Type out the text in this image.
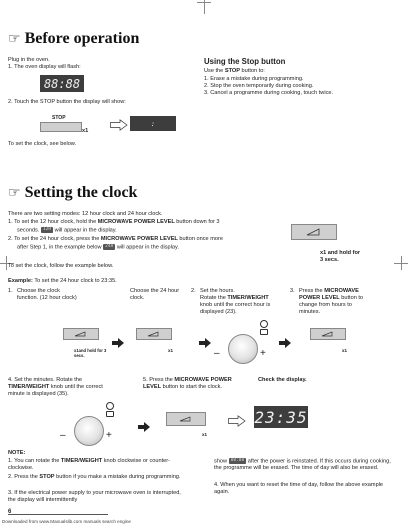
☞ Before operation
Plug in the oven.
1. The oven display will flash:
88:88
2. Touch the STOP button the display will show:
STOP
x1
:
To set the clock, see below.
Using the Stop button
Use the STOP button to:
1. Erase a mistake during programming.
2. Stop the oven temporarily during cooking.
3. Cancel a programme during cooking, touch twice.
☞ Setting the clock
There are two setting modes: 12 hour clock and 24 hour clock.
1. To set the 12 hour clock, hold the MICROWAVE POWER LEVEL button down for 3
seconds. 12H will appear in the display.
2. To set the 24 hour clock, press the MICROWAVE POWER LEVEL button once more
after Step 1, in the example below 24H will appear in the display.
To set the clock, follow the example below.
x1 and hold for 3 secs.
Example: To set the 24 hour clock to 23:35.
1. Choose the clock function. (12 hour clock)
Choose the 24 hour clock.
2. Set the hours.
Rotate the TIMER/WEIGHT knob until the correct hour is displayed (23).
3. Press the MICROWAVE POWER LEVEL button to change from hours to minutes.
x1and hold for 3 secs.
x1	–	+	x1
4. Set the minutes. Rotate the TIMER/WEIGHT knob until the correct minute is displayed (35).
5. Press the MICROWAVE POWER LEVEL button to start the clock.
Check the display.
–	+	x1
23:35
NOTE:
1. You can rotate the TIMER/WEIGHT knob clockwise or counter-clockwise.
2. Press the STOP button if you make a mistake during programming.
3. If the electrical power supply to your microwave oven is interrupted, the display will intermittently
show 88:88 after the power is reinstated. If this occurs during cooking, the programme will be erased. The time of day will also be erased.
4. When you want to reset the time of day, follow the above example again.
6
Downloaded from www.Manualslib.com manuals search engine
